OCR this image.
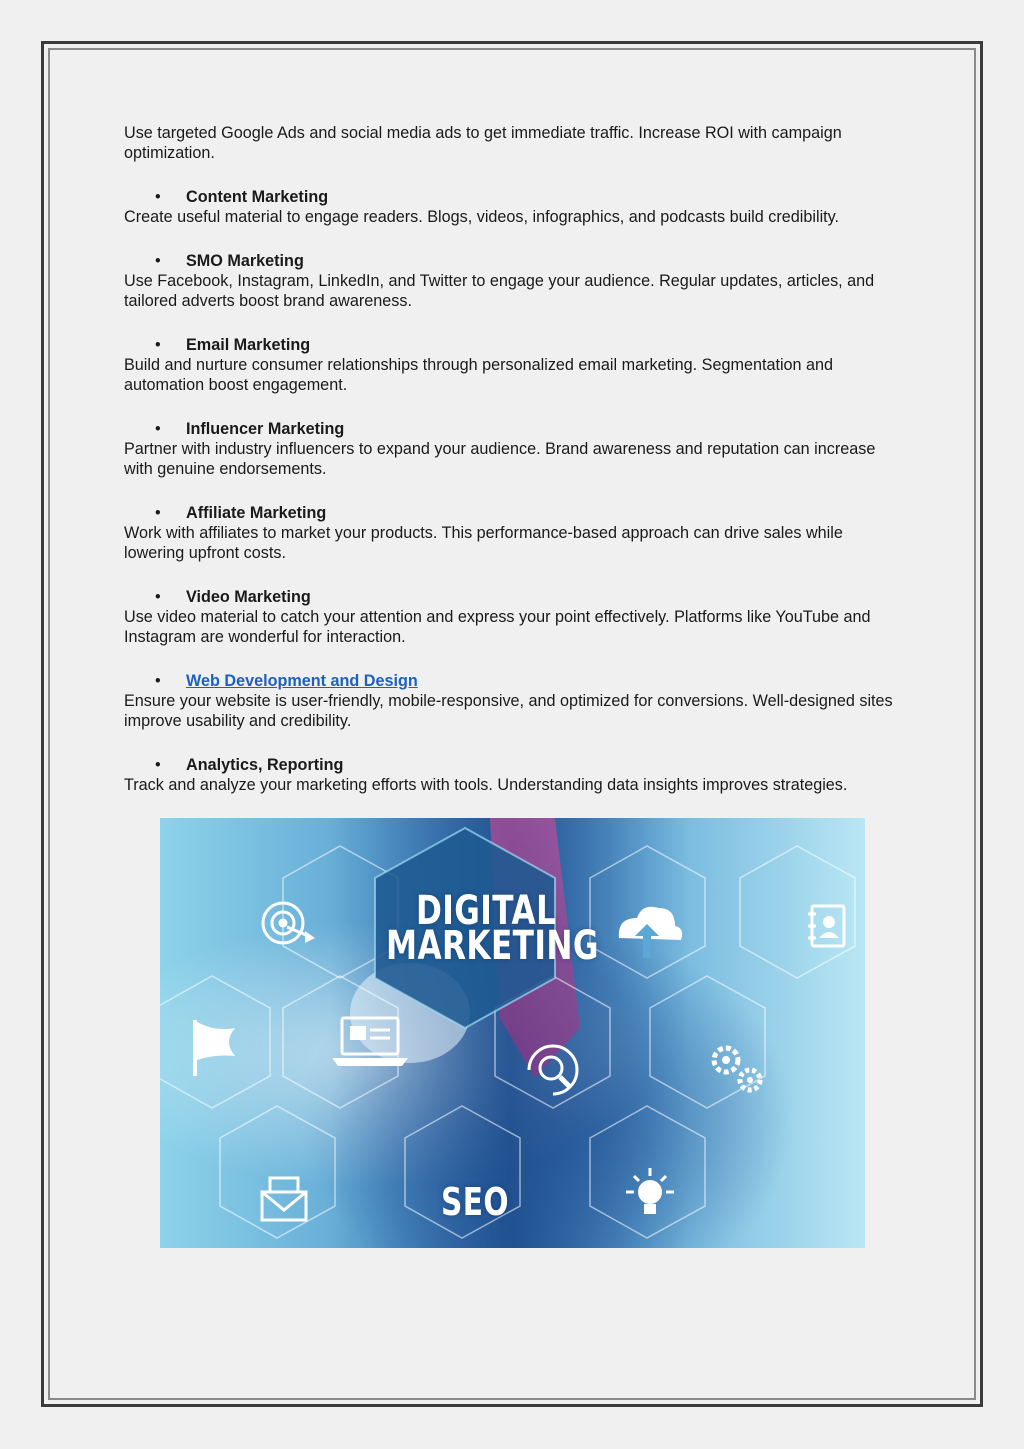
Use targeted Google Ads and social media ads to get immediate traffic. Increase ROI with campaign optimization.

• Content Marketing

Create useful material to engage readers. Blogs, videos, infographics, and podcasts build credibility.

• SMO Marketing

Use Facebook, Instagram, LinkedIn, and Twitter to engage your audience. Regular updates, articles, and tailored adverts boost brand awareness.

• Email Marketing

Build and nurture consumer relationships through personalized email marketing. Segmentation and automation boost engagement.

• Influencer Marketing

Partner with industry influencers to expand your audience. Brand awareness and reputation can increase with genuine endorsements.

• Affiliate Marketing

Work with affiliates to market your products. This performance-based approach can drive sales while lowering upfront costs.

• Video Marketing

Use video material to catch your attention and express your point effectively. Platforms like YouTube and Instagram are wonderful for interaction.

• Web Development and Design

Ensure your website is user-friendly, mobile-responsive, and optimized for conversions. Well-designed sites improve usability and credibility.

• Analytics, Reporting

Track and analyze your marketing efforts with tools. Understanding data insights improves strategies.

DIGITAL
MARKETING
SEO
